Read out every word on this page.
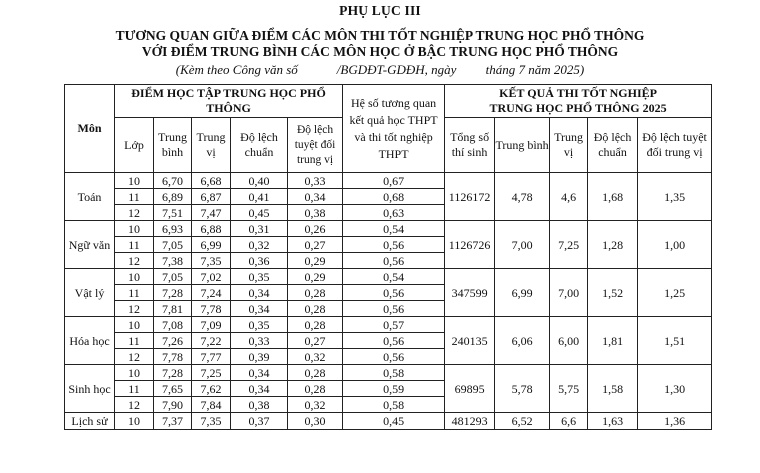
PHỤ LỤC III
TƯƠNG QUAN GIỮA ĐIỂM CÁC MÔN THI TỐT NGHIỆP TRUNG HỌC PHỔ THÔNG
VỚI ĐIỂM TRUNG BÌNH CÁC MÔN HỌC Ở BẬC TRUNG HỌC PHỔ THÔNG
(Kèm theo Công văn số	/BGDĐT-GDĐH, ngày tháng 7 năm 2025)
Môn	ĐIỂM HỌC TẬP TRUNG HỌC PHỔ THÔNG					Hệ số tương quan kết quả học THPT và thi tốt nghiệp THPT	KẾT QUẢ THI TỐT NGHIỆP
TRUNG HỌC PHỔ THÔNG 2025				

	Lớp	Trung bình	Trung vị	Độ lệch chuẩn	Độ lệch tuyệt đối trung vị		Tổng số thí sinh	Trung bình	Trung vị	Độ lệch chuẩn	Độ lệch tuyệt đối trung vị
Toán	10	6,70	6,68	0,40	0,33	0,67	1126172	4,78	4,6	1,68	1,35
	11	6,89	6,87	0,41	0,34	0,68					
	12	7,51	7,47	0,45	0,38	0,63					
Ngữ văn	10	6,93	6,88	0,31	0,26	0,54	1126726	7,00	7,25	1,28	1,00
	11	7,05	6,99	0,32	0,27	0,56					
	12	7,38	7,35	0,36	0,29	0,56					
Vật lý	10	7,05	7,02	0,35	0,29	0,54	347599	6,99	7,00	1,52	1,25
	11	7,28	7,24	0,34	0,28	0,56					
	12	7,81	7,78	0,34	0,28	0,56					
Hóa học	10	7,08	7,09	0,35	0,28	0,57	240135	6,06	6,00	1,81	1,51
	11	7,26	7,22	0,33	0,27	0,56					
	12	7,78	7,77	0,39	0,32	0,56					
Sinh học	10	7,28	7,25	0,34	0,28	0,58	69895	5,78	5,75	1,58	1,30
	11	7,65	7,62	0,34	0,28	0,59					
	12	7,90	7,84	0,38	0,32	0,58					
Lịch sử	10	7,37	7,35	0,37	0,30	0,45	481293	6,52	6,6	1,63	1,36
